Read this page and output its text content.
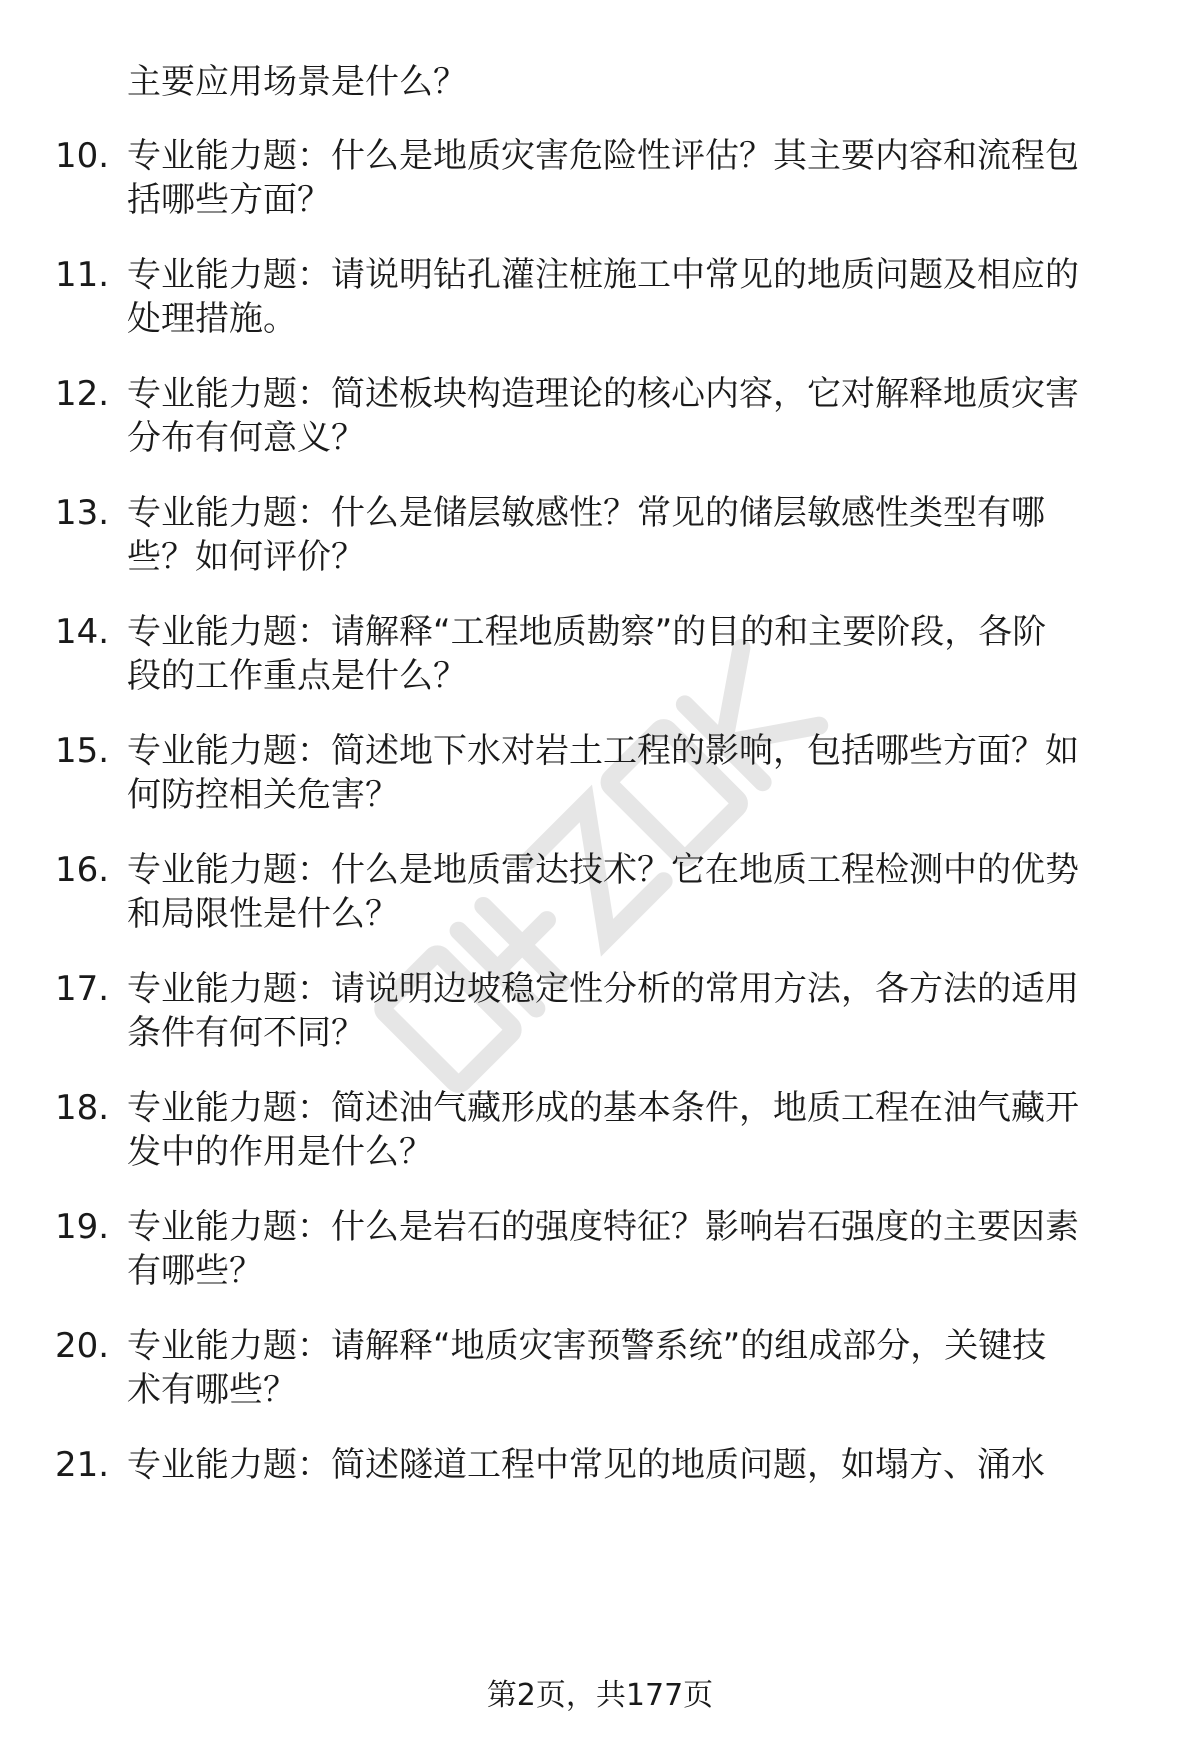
主要应用场景是什么？
10. 专业能力题：什么是地质灾害危险性评估？其主要内容和流程包
括哪些方面？
11. 专业能力题：请说明钻孔灌注桩施工中常见的地质问题及相应的
处理措施。
12. 专业能力题：简述板块构造理论的核心内容，它对解释地质灾害
分布有何意义？
13. 专业能力题：什么是储层敏感性？常见的储层敏感性类型有哪
些？如何评价？
14. 专业能力题：请解释“工程地质勘察”的目的和主要阶段，各阶
段的工作重点是什么？
15. 专业能力题：简述地下水对岩土工程的影响，包括哪些方面？如
何防控相关危害？
16. 专业能力题：什么是地质雷达技术？它在地质工程检测中的优势
和局限性是什么？
17. 专业能力题：请说明边坡稳定性分析的常用方法，各方法的适用
条件有何不同？
18. 专业能力题：简述油气藏形成的基本条件，地质工程在油气藏开
发中的作用是什么？
19. 专业能力题：什么是岩石的强度特征？影响岩石强度的主要因素
有哪些？
20. 专业能力题：请解释“地质灾害预警系统”的组成部分，关键技
术有哪些？
21. 专业能力题：简述隧道工程中常见的地质问题，如塌方、涌水
第2页，共177页
